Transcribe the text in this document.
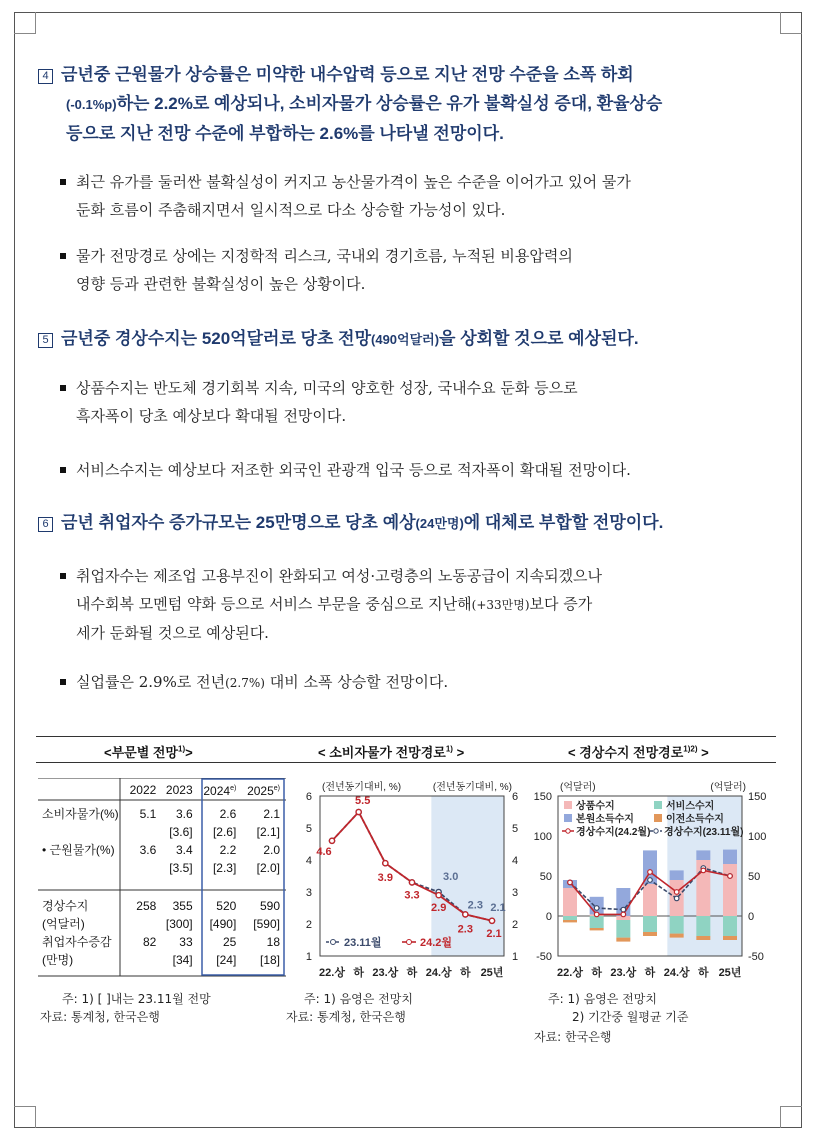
4 금년중 근원물가 상승률은 미약한 내수압력 등으로 지난 전망 수준을 소폭 하회
(-0.1%p)하는 2.2%로 예상되나, 소비자물가 상승률은 유가 불확실성 증대, 환율상승
등으로 지난 전망 수준에 부합하는 2.6%를 나타낼 전망이다.
최근 유가를 둘러싼 불확실성이 커지고 농산물가격이 높은 수준을 이어가고 있어 물가
둔화 흐름이 주춤해지면서 일시적으로 다소 상승할 가능성이 있다.
물가 전망경로 상에는 지정학적 리스크, 국내외 경기흐름, 누적된 비용압력의
영향 등과 관련한 불확실성이 높은 상황이다.
5 금년중 경상수지는 520억달러로 당초 전망(490억달러)을 상회할 것으로 예상된다.
상품수지는 반도체 경기회복 지속, 미국의 양호한 성장, 국내수요 둔화 등으로
흑자폭이 당초 예상보다 확대될 전망이다.
서비스수지는 예상보다 저조한 외국인 관광객 입국 등으로 적자폭이 확대될 전망이다.
6 금년 취업자수 증가규모는 25만명으로 당초 예상(24만명)에 대체로 부합할 전망이다.
취업자수는 제조업 고용부진이 완화되고 여성·고령층의 노동공급이 지속되겠으나
내수회복 모멘텀 약화 등으로 서비스 부문을 중심으로 지난해(+33만명)보다 증가
세가 둔화될 것으로 예상된다.
실업률은 2.9%로 전년(2.7%) 대비 소폭 상승할 전망이다.
<부문별 전망$^{1)}$>	< 소비자물가 전망경로$^{1)}$ >	< 경상수지 전망경로$^{1)2)}$ >
	2022	2023	2024$^{e)}$	2025$^{e)}$

소비자물가(%)	5.1	3.6	2.6	2.1
		[3.6]	[2.6]	[2.1]
• 근원물가(%)	3.6	3.4	2.2	2.0
		[3.5]	[2.3]	[2.0]

경상수지	258	355	520	590
(억달러)		[300]	[490]	[590]
취업자수증감	82	33	25	18
(만명)		[34]	[24]	[18] 1	1
2	2
3	3
4	4
5	5
6	6
(전년동기대비, %)	(전년동기대비, %)
22.상 하 23.상 하 24.상 하 25년
4.6
5.5
3.9
3.3
2.9
2.3 2.1
3.0
2.3 2.1
23.11월	24.2월
-50	-50
0	0
50	50
100	100
150	150
(억달러)	(억달러)
22.상 하 23.상 하 24.상 하 25년
상품수지	서비스수지
본원소득수지	이전소득수지
경상수지(24.2월) 경상수지(23.11월)
주: 1) [ ]내는 23.11월 전망
자료: 통계청, 한국은행
주: 1) 음영은 전망치
자료: 통계청, 한국은행
주: 1) 음영은 전망치
2) 기간중 월평균 기준
자료: 한국은행
